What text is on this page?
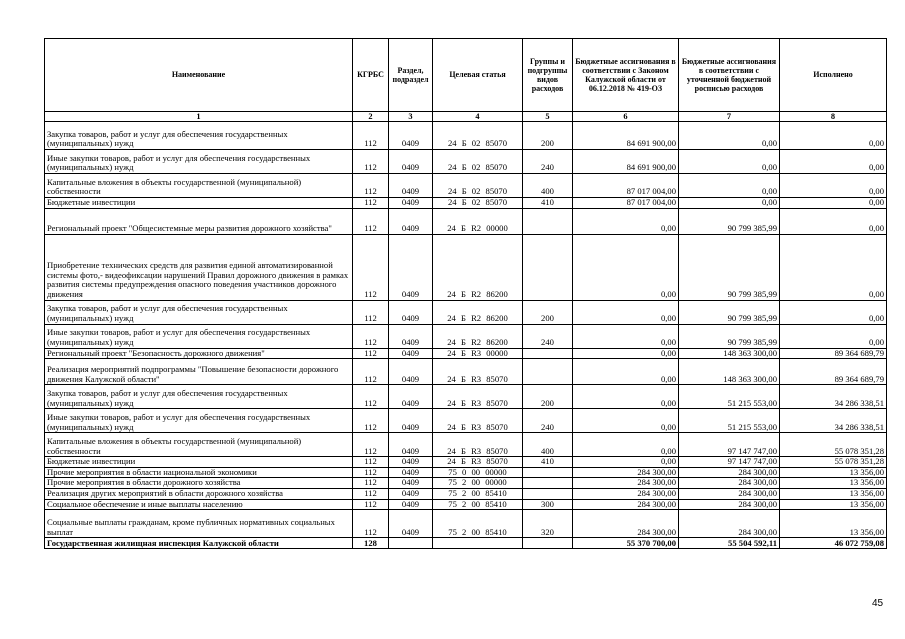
Наименование	КГРБС	Раздел, подраздел	Целевая статья	Группы и подгруппы видов расходов	Бюджетные ассигнования в соответствии с Законом Калужской области от 06.12.2018 № 419-ОЗ	Бюджетные ассигнования в соответствии с уточненной бюджетной росписью расходов	Исполнено
1	2	3	4	5	6	7	8
Закупка товаров, работ и услуг для обеспечения государственных (муниципальных) нужд	112	0409	24 Б 02 85070	200	84 691 900,00	0,00	0,00
Иные закупки товаров, работ и услуг для обеспечения государственных (муниципальных) нужд	112	0409	24 Б 02 85070	240	84 691 900,00	0,00	0,00
Капитальные вложения в объекты государственной (муниципальной) собственности	112	0409	24 Б 02 85070	400	87 017 004,00	0,00	0,00
Бюджетные инвестиции	112	0409	24 Б 02 85070	410	87 017 004,00	0,00	0,00
Региональный проект "Общесистемные меры развития дорожного хозяйства"	112	0409	24 Б R2 00000		0,00	90 799 385,99	0,00
Приобретение технических средств для развития единой автоматизированной системы фото,- видеофиксации нарушений Правил дорожного движения в рамках развития системы предупреждения опасного поведения участников дорожного движения	112	0409	24 Б R2 86200		0,00	90 799 385,99	0,00
Закупка товаров, работ и услуг для обеспечения государственных (муниципальных) нужд	112	0409	24 Б R2 86200	200	0,00	90 799 385,99	0,00
Иные закупки товаров, работ и услуг для обеспечения государственных (муниципальных) нужд	112	0409	24 Б R2 86200	240	0,00	90 799 385,99	0,00
Региональный проект "Безопасность дорожного движения"	112	0409	24 Б R3 00000		0,00	148 363 300,00	89 364 689,79
Реализация мероприятий подпрограммы "Повышение безопасности дорожного движения Калужской области"	112	0409	24 Б R3 85070		0,00	148 363 300,00	89 364 689,79
Закупка товаров, работ и услуг для обеспечения государственных (муниципальных) нужд	112	0409	24 Б R3 85070	200	0,00	51 215 553,00	34 286 338,51
Иные закупки товаров, работ и услуг для обеспечения государственных (муниципальных) нужд	112	0409	24 Б R3 85070	240	0,00	51 215 553,00	34 286 338,51
Капитальные вложения в объекты государственной (муниципальной) собственности	112	0409	24 Б R3 85070	400	0,00	97 147 747,00	55 078 351,28
Бюджетные инвестиции	112	0409	24 Б R3 85070	410	0,00	97 147 747,00	55 078 351,28
Прочие мероприятия в области национальной экономики	112	0409	75 0 00 00000		284 300,00	284 300,00	13 356,00
Прочие мероприятия в области дорожного хозяйства	112	0409	75 2 00 00000		284 300,00	284 300,00	13 356,00
Реализация других мероприятий в области дорожного хозяйства	112	0409	75 2 00 85410		284 300,00	284 300,00	13 356,00
Социальное обеспечение и иные выплаты населению	112	0409	75 2 00 85410	300	284 300,00	284 300,00	13 356,00
Социальные выплаты гражданам, кроме публичных нормативных социальных выплат	112	0409	75 2 00 85410	320	284 300,00	284 300,00	13 356,00
Государственная жилищная инспекция Калужской области	128				55 370 700,00	55 504 592,11	46 072 759,08
45
